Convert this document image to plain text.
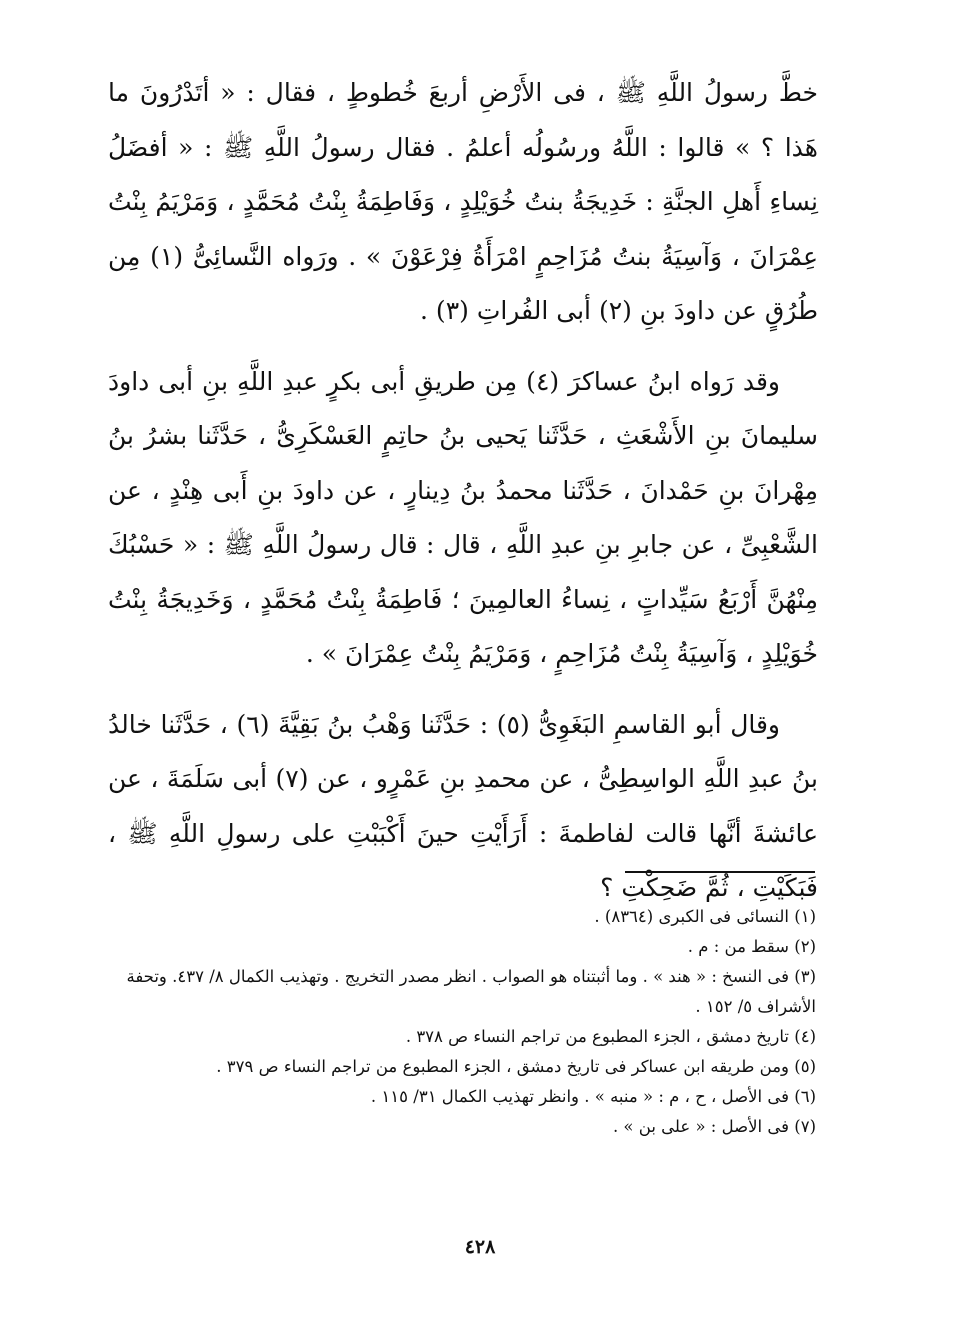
خطَّ رسولُ اللَّهِ ﷺ ، فى الأَرْضِ أربعَ خُطوطٍ ، فقال : « أتَدْرُونَ ما هَذا ؟ » قالوا : اللَّهُ ورسُولُه أعلمُ . فقال رسولُ اللَّهِ ﷺ : « أفضَلُ نِساءِ أَهلِ الجنَّةِ : خَدِيجَةُ بنتُ خُوَيْلِدٍ ، وَفَاطِمَةُ بِنْتُ مُحَمَّدٍ ، وَمَرْيَمُ بِنْتُ عِمْرَانَ ، وَآسِيَةُ بنتُ مُزَاحِمٍ امْرَأَةُ فِرْعَوْنَ » . ورَواه النَّسائِىُّ (١) مِن طُرُقٍ عن داودَ بنِ (٢) أبى الفُراتِ (٣) .

وقد رَواه ابنُ عساكرَ (٤) مِن طريقِ أبى بكرٍ عبدِ اللَّهِ بنِ أبى داودَ سليمانَ بنِ الأَشْعَثِ ، حَدَّثَنا يَحيى بنُ حاتِمٍ العَسْكَرِىُّ ، حَدَّثَنا بشرُ بنُ مِهْرانَ بنِ حَمْدانَ ، حَدَّثَنا محمدُ بنُ دِينارٍ ، عن داودَ بنِ أَبى هِنْدٍ ، عن الشَّعْبِىِّ ، عن جابرِ بنِ عبدِ اللَّهِ ، قال : قال رسولُ اللَّهِ ﷺ : « حَسْبُكَ مِنْهُنَّ أَرْبَعُ سَيِّداتٍ ، نِساءُ العالمِينَ ؛ فَاطِمَةُ بِنْتُ مُحَمَّدٍ ، وَخَدِيجَةُ بِنْتُ خُوَيْلِدٍ ، وَآسِيَةُ بِنْتُ مُزَاحِمٍ ، وَمَرْيَمُ بِنْتُ عِمْرَانَ » .

وقال أبو القاسمِ البَغَوِىُّ (٥) : حَدَّثَنا وَهْبُ بنُ بَقِيَّةَ (٦) ، حَدَّثَنا خالدُ بنُ عبدِ اللَّهِ الواسِطِىُّ ، عن محمدِ بنِ عَمْرٍو ، عن (٧) أبى سَلَمَةَ ، عن عائشةَ أنَّها قالت لفاطمةَ : أَرَأَيْتِ حينَ أَكْبَبْتِ على رسولِ اللَّهِ ﷺ ، فَبَكَيْتِ ، ثُمَّ ضَحِكْتِ ؟

(١) النسائى فى الكبرى (٨٣٦٤) .
(٢) سقط من : م .
(٣) فى النسخ : « هند » . وما أثبتناه هو الصواب . انظر مصدر التخريج . وتهذيب الكمال ٨/ ٤٣٧. وتحفة الأشراف ٥/ ١٥٢ .
(٤) تاريخ دمشق ، الجزء المطبوع من تراجم النساء ص ٣٧٨ .
(٥) ومن طريقه ابن عساكر فى تاريخ دمشق ، الجزء المطبوع من تراجم النساء ص ٣٧٩ .
(٦) فى الأصل ، ح ، م : « منبه » . وانظر تهذيب الكمال ٣١/ ١١٥ .
(٧) فى الأصل : « على بن » .
٤٢٨
